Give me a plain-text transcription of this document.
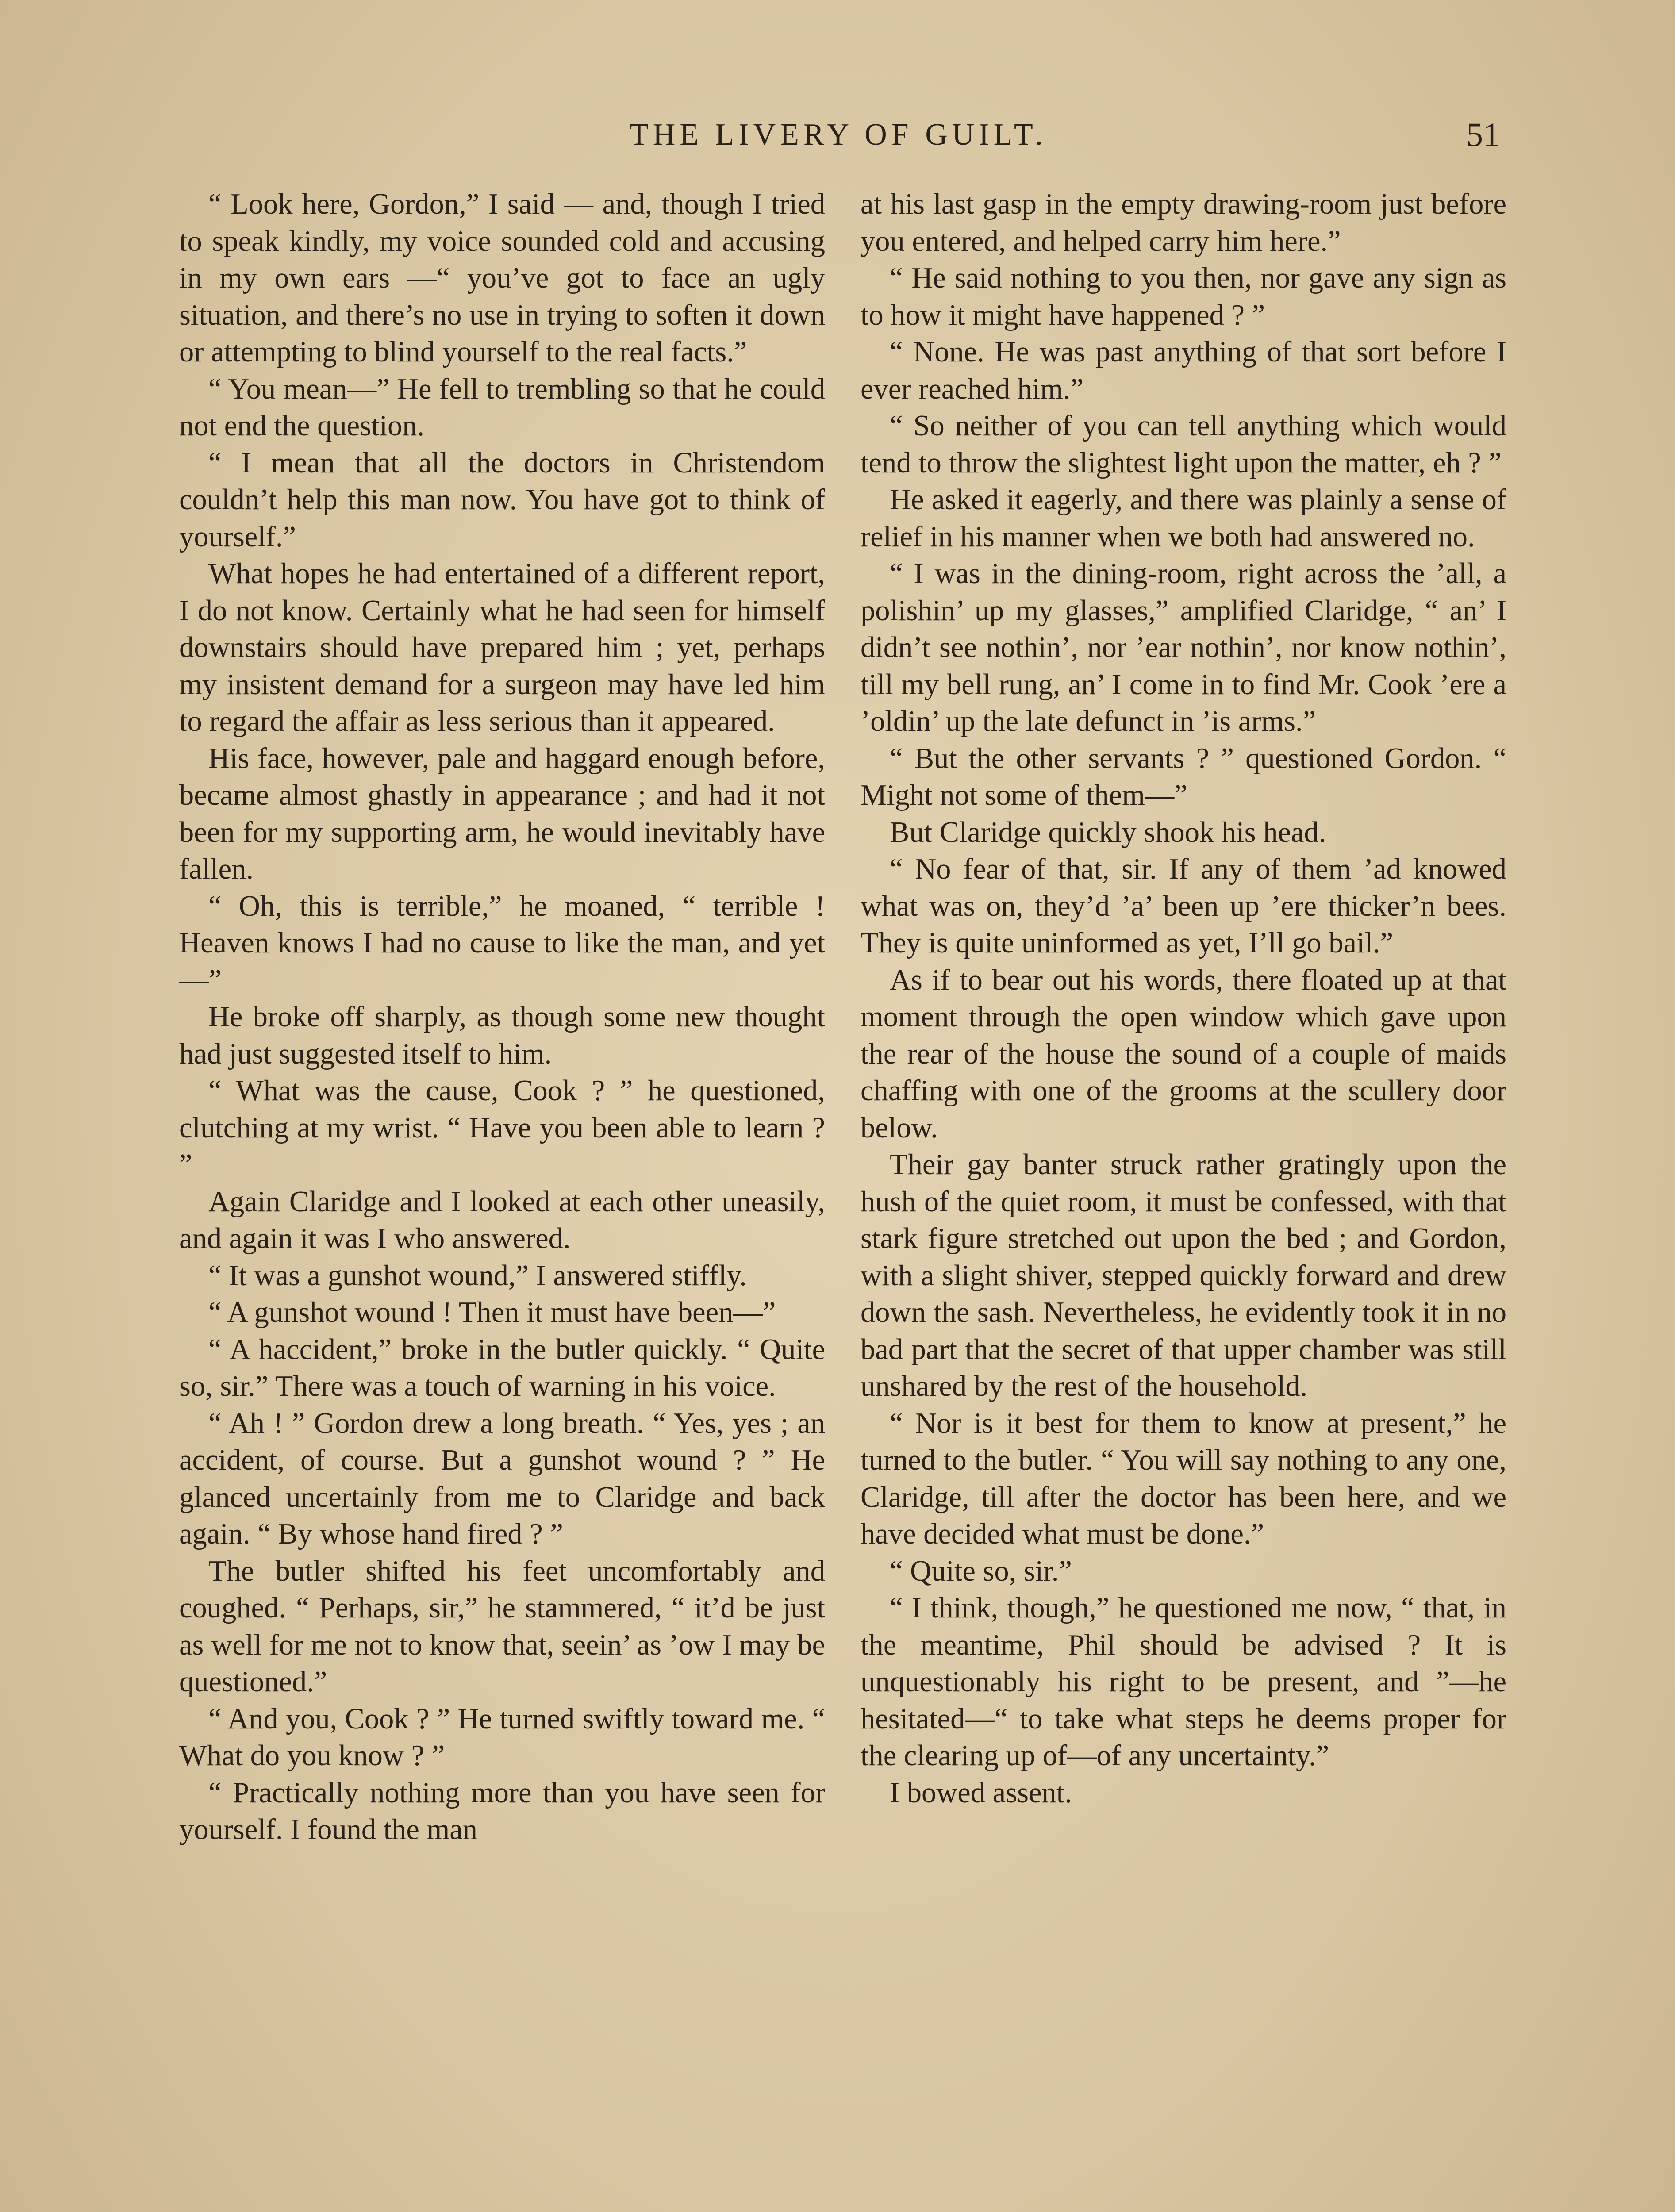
THE LIVERY OF GUILT.	51

“ Look here, Gordon,” I said — and, though I tried to speak kindly, my voice sounded cold and accusing in my own ears —“ you’ve got to face an ugly situation, and there’s no use in trying to soften it down or attempting to blind yourself to the real facts.”

“ You mean—” He fell to trembling so that he could not end the question.

“ I mean that all the doctors in Christendom couldn’t help this man now. You have got to think of yourself.”

What hopes he had entertained of a different report, I do not know. Certainly what he had seen for himself downstairs should have prepared him ; yet, perhaps my insistent demand for a surgeon may have led him to regard the affair as less serious than it appeared.

His face, however, pale and haggard enough before, became almost ghastly in appearance ; and had it not been for my supporting arm, he would inevitably have fallen.

“ Oh, this is terrible,” he moaned, “ terrible ! Heaven knows I had no cause to like the man, and yet—”

He broke off sharply, as though some new thought had just suggested itself to him.

“ What was the cause, Cook ? ” he questioned, clutching at my wrist. “ Have you been able to learn ? ”

Again Claridge and I looked at each other uneasily, and again it was I who answered.

“ It was a gunshot wound,” I answered stiffly.

“ A gunshot wound ! Then it must have been—”

“ A haccident,” broke in the butler quickly. “ Quite so, sir.” There was a touch of warning in his voice.

“ Ah ! ” Gordon drew a long breath. “ Yes, yes ; an accident, of course. But a gunshot wound ? ” He glanced uncertainly from me to Claridge and back again. “ By whose hand fired ? ”

The butler shifted his feet uncomfortably and coughed. “ Perhaps, sir,” he stammered, “ it’d be just as well for me not to know that, seein’ as ’ow I may be questioned.”

“ And you, Cook ? ” He turned swiftly toward me. “ What do you know ? ”

“ Practically nothing more than you have seen for yourself. I found the man

at his last gasp in the empty drawing-room just before you entered, and helped carry him here.”

“ He said nothing to you then, nor gave any sign as to how it might have happened ? ”

“ None. He was past anything of that sort before I ever reached him.”

“ So neither of you can tell anything which would tend to throw the slightest light upon the matter, eh ? ”

He asked it eagerly, and there was plainly a sense of relief in his manner when we both had answered no.

“ I was in the dining-room, right across the ’all, a polishin’ up my glasses,” amplified Claridge, “ an’ I didn’t see nothin’, nor ’ear nothin’, nor know nothin’, till my bell rung, an’ I come in to find Mr. Cook ’ere a ’oldin’ up the late defunct in ’is arms.”

“ But the other servants ? ” questioned Gordon. “ Might not some of them—”

But Claridge quickly shook his head.

“ No fear of that, sir. If any of them ’ad knowed what was on, they’d ’a’ been up ’ere thicker’n bees. They is quite uninformed as yet, I’ll go bail.”

As if to bear out his words, there floated up at that moment through the open window which gave upon the rear of the house the sound of a couple of maids chaffing with one of the grooms at the scullery door below.

Their gay banter struck rather gratingly upon the hush of the quiet room, it must be confessed, with that stark figure stretched out upon the bed ; and Gordon, with a slight shiver, stepped quickly forward and drew down the sash. Nevertheless, he evidently took it in no bad part that the secret of that upper chamber was still unshared by the rest of the household.

“ Nor is it best for them to know at present,” he turned to the butler. “ You will say nothing to any one, Claridge, till after the doctor has been here, and we have decided what must be done.”

“ Quite so, sir.”

“ I think, though,” he questioned me now, “ that, in the meantime, Phil should be advised ? It is unquestionably his right to be present, and ”—he hesitated—“ to take what steps he deems proper for the clearing up of—of any uncertainty.”

I bowed assent.
